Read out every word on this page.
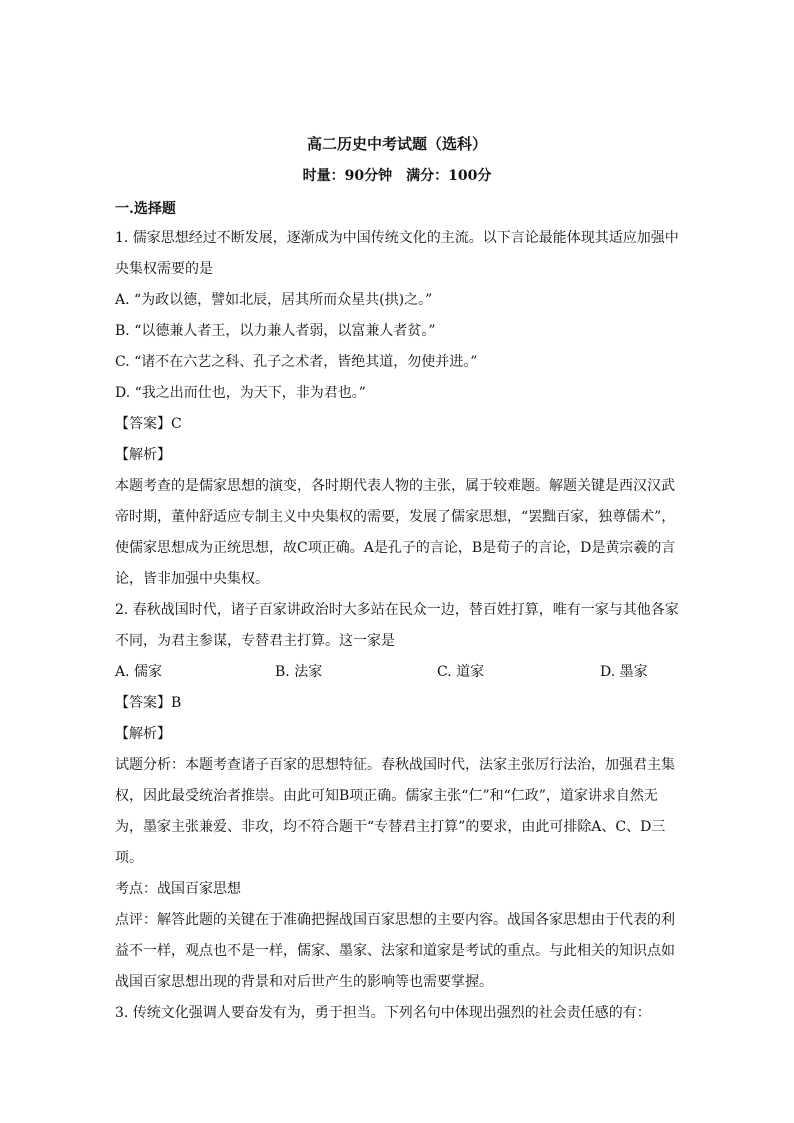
高二历史中考试题（选科）
时量：90分钟　满分：100分
一.选择题
1. 儒家思想经过不断发展，逐渐成为中国传统文化的主流。以下言论最能体现其适应加强中
央集权需要的是
A. “为政以德，譬如北辰，居其所而众星共(拱)之。”
B. “以德兼人者王，以力兼人者弱，以富兼人者贫。”
C. “诸不在六艺之科、孔子之术者，皆绝其道，勿使并进。”
D. “我之出而仕也，为天下，非为君也。”
【答案】C
【解析】
本题考查的是儒家思想的演变，各时期代表人物的主张，属于较难题。解题关键是西汉汉武
帝时期，董仲舒适应专制主义中央集权的需要，发展了儒家思想，“罢黜百家，独尊儒术”，
使儒家思想成为正统思想，故C项正确。A是孔子的言论，B是荀子的言论，D是黄宗羲的言
论，皆非加强中央集权。
2. 春秋战国时代，诸子百家讲政治时大多站在民众一边，替百姓打算，唯有一家与其他各家
不同，为君主参谋，专替君主打算。这一家是
A. 儒家	B. 法家	C. 道家	D. 墨家
【答案】B
【解析】
试题分析：本题考查诸子百家的思想特征。春秋战国时代，法家主张厉行法治，加强君主集
权，因此最受统治者推崇。由此可知B项正确。儒家主张“仁”和“仁政”，道家讲求自然无
为，墨家主张兼爱、非攻，均不符合题干“专替君主打算”的要求，由此可排除A、C、D三
项。
考点：战国百家思想
点评：解答此题的关键在于准确把握战国百家思想的主要内容。战国各家思想由于代表的利
益不一样，观点也不是一样，儒家、墨家、法家和道家是考试的重点。与此相关的知识点如
战国百家思想出现的背景和对后世产生的影响等也需要掌握。
3. 传统文化强调人要奋发有为，勇于担当。下列名句中体现出强烈的社会责任感的有：
